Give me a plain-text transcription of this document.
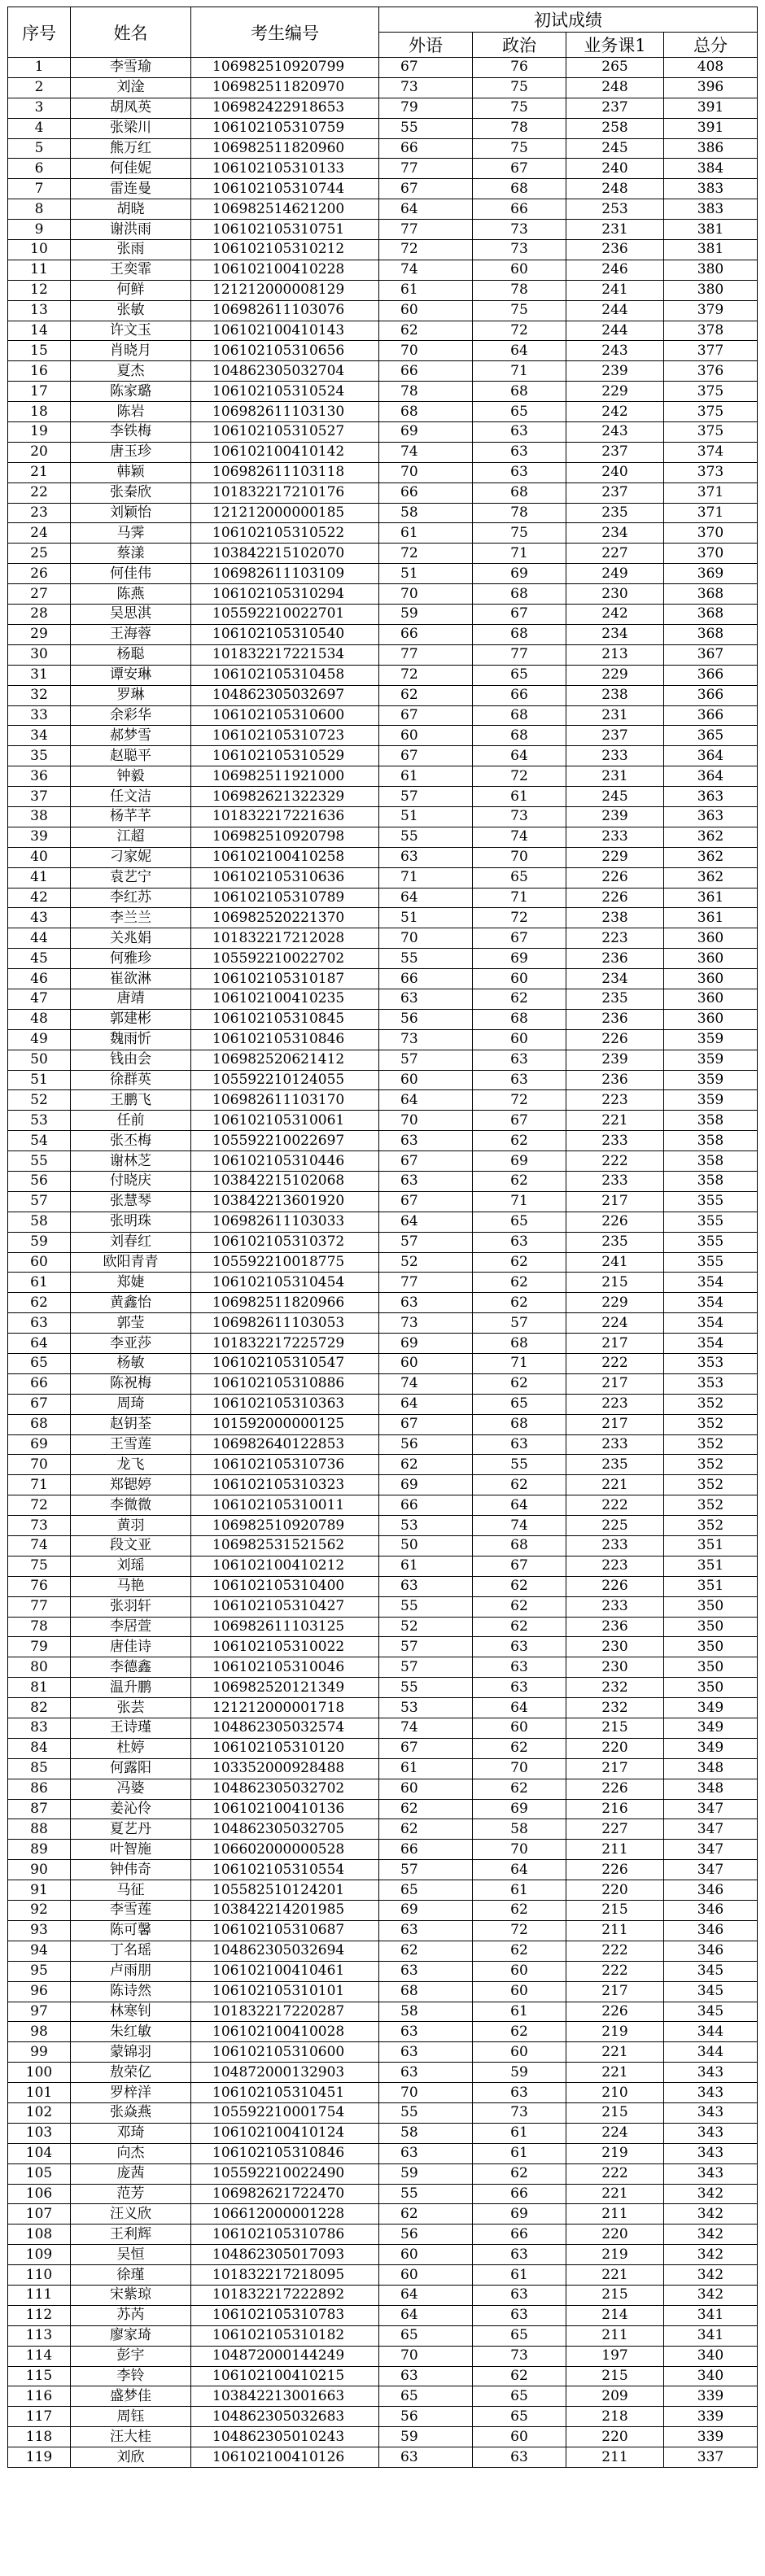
序号	姓名	考生编号	初试成绩			
			外语	政治	业务课1	总分
1	李雪瑜	106982510920799	67	76	265	408
2	刘淦	106982511820970	73	75	248	396
3	胡凤英	106982422918653	79	75	237	391
4	张梁川	106102105310759	55	78	258	391
5	熊万红	106982511820960	66	75	245	386
6	何佳妮	106102105310133	77	67	240	384
7	雷连曼	106102105310744	67	68	248	383
8	胡晓	106982514621200	64	66	253	383
9	谢洪雨	106102105310751	77	73	231	381
10	张雨	106102105310212	72	73	236	381
11	王奕霏	106102100410228	74	60	246	380
12	何鲜	121212000008129	61	78	241	380
13	张敏	106982611103076	60	75	244	379
14	许文玉	106102100410143	62	72	244	378
15	肖晓月	106102105310656	70	64	243	377
16	夏杰	104862305032704	66	71	239	376
17	陈家璐	106102105310524	78	68	229	375
18	陈岩	106982611103130	68	65	242	375
19	李铁梅	106102105310527	69	63	243	375
20	唐玉珍	106102100410142	74	63	237	374
21	韩颖	106982611103118	70	63	240	373
22	张秦欣	101832217210176	66	68	237	371
23	刘颖怡	121212000000185	58	78	235	371
24	马霁	106102105310522	61	75	234	370
25	蔡漾	103842215102070	72	71	227	370
26	何佳伟	106982611103109	51	69	249	369
27	陈燕	106102105310294	70	68	230	368
28	吴思淇	105592210022701	59	67	242	368
29	王海蓉	106102105310540	66	68	234	368
30	杨聪	101832217221534	77	77	213	367
31	谭安琳	106102105310458	72	65	229	366
32	罗琳	104862305032697	62	66	238	366
33	余彩华	106102105310600	67	68	231	366
34	郝梦雪	106102105310723	60	68	237	365
35	赵聪平	106102105310529	67	64	233	364
36	钟毅	106982511921000	61	72	231	364
37	任文洁	106982621322329	57	61	245	363
38	杨芊芊	101832217221636	51	73	239	363
39	江超	106982510920798	55	74	233	362
40	刁家妮	106102100410258	63	70	229	362
41	袁艺宁	106102105310636	71	65	226	362
42	李红苏	106102105310789	64	71	226	361
43	李兰兰	106982520221370	51	72	238	361
44	关兆娟	101832217212028	70	67	223	360
45	何雅珍	105592210022702	55	69	236	360
46	崔欲淋	106102105310187	66	60	234	360
47	唐靖	106102100410235	63	62	235	360
48	郭建彬	106102105310845	56	68	236	360
49	魏雨忻	106102105310846	73	60	226	359
50	钱由会	106982520621412	57	63	239	359
51	徐群英	105592210124055	60	63	236	359
52	王鹏飞	106982611103170	64	72	223	359
53	任前	106102105310061	70	67	221	358
54	张丕梅	105592210022697	63	62	233	358
55	谢林芝	106102105310446	67	69	222	358
56	付晓庆	103842215102068	63	62	233	358
57	张慧琴	103842213601920	67	71	217	355
58	张明珠	106982611103033	64	65	226	355
59	刘春红	106102105310372	57	63	235	355
60	欧阳青青	105592210018775	52	62	241	355
61	郑婕	106102105310454	77	62	215	354
62	黄鑫怡	106982511820966	63	62	229	354
63	郭莹	106982611103053	73	57	224	354
64	李亚莎	101832217225729	69	68	217	354
65	杨敏	106102105310547	60	71	222	353
66	陈祝梅	106102105310886	74	62	217	353
67	周琦	106102105310363	64	65	223	352
68	赵钥荃	101592000000125	67	68	217	352
69	王雪莲	106982640122853	56	63	233	352
70	龙飞	106102105310736	62	55	235	352
71	郑锶婷	106102105310323	69	62	221	352
72	李微微	106102105310011	66	64	222	352
73	黄羽	106982510920789	53	74	225	352
74	段文亚	106982531521562	50	68	233	351
75	刘瑶	106102100410212	61	67	223	351
76	马艳	106102105310400	63	62	226	351
77	张羽轩	106102105310427	55	62	233	350
78	李居萱	106982611103125	52	62	236	350
79	唐佳诗	106102105310022	57	63	230	350
80	李德鑫	106102105310046	57	63	230	350
81	温升鹏	106982520121349	55	63	232	350
82	张芸	121212000001718	53	64	232	349
83	王诗瑾	104862305032574	74	60	215	349
84	杜婷	106102105310120	67	62	220	349
85	何露阳	103352000928488	61	70	217	348
86	冯婆	104862305032702	60	62	226	348
87	姜沁伶	106102100410136	62	69	216	347
88	夏艺丹	104862305032705	62	58	227	347
89	叶智施	106602000000528	66	70	211	347
90	钟伟奇	106102105310554	57	64	226	347
91	马征	105582510124201	65	61	220	346
92	李雪莲	103842214201985	69	62	215	346
93	陈可馨	106102105310687	63	72	211	346
94	丁名瑶	104862305032694	62	62	222	346
95	卢雨朋	106102100410461	63	60	222	345
96	陈诗然	106102105310101	68	60	217	345
97	林寒钊	101832217220287	58	61	226	345
98	朱红敏	106102100410028	63	62	219	344
99	蒙锦羽	106102105310600	63	60	221	344
100	敖荣亿	104872000132903	63	59	221	343
101	罗梓洋	106102105310451	70	63	210	343
102	张焱燕	105592210001754	55	73	215	343
103	邓琦	106102100410124	58	61	224	343
104	向杰	106102105310846	63	61	219	343
105	庞茜	105592210022490	59	62	222	343
106	范芳	106982621722470	55	66	221	342
107	汪义欣	106612000001228	62	69	211	342
108	王利辉	106102105310786	56	66	220	342
109	吴恒	104862305017093	60	63	219	342
110	徐瑾	101832217218095	60	61	221	342
111	宋紫琼	101832217222892	64	63	215	342
112	苏芮	106102105310783	64	63	214	341
113	廖家琦	106102105310182	65	65	211	341
114	彭宇	104872000144249	70	73	197	340
115	李铃	106102100410215	63	62	215	340
116	盛梦佳	103842213001663	65	65	209	339
117	周钰	104862305032683	56	65	218	339
118	汪大桂	104862305010243	59	60	220	339
119	刘欣	106102100410126	63	63	211	337
